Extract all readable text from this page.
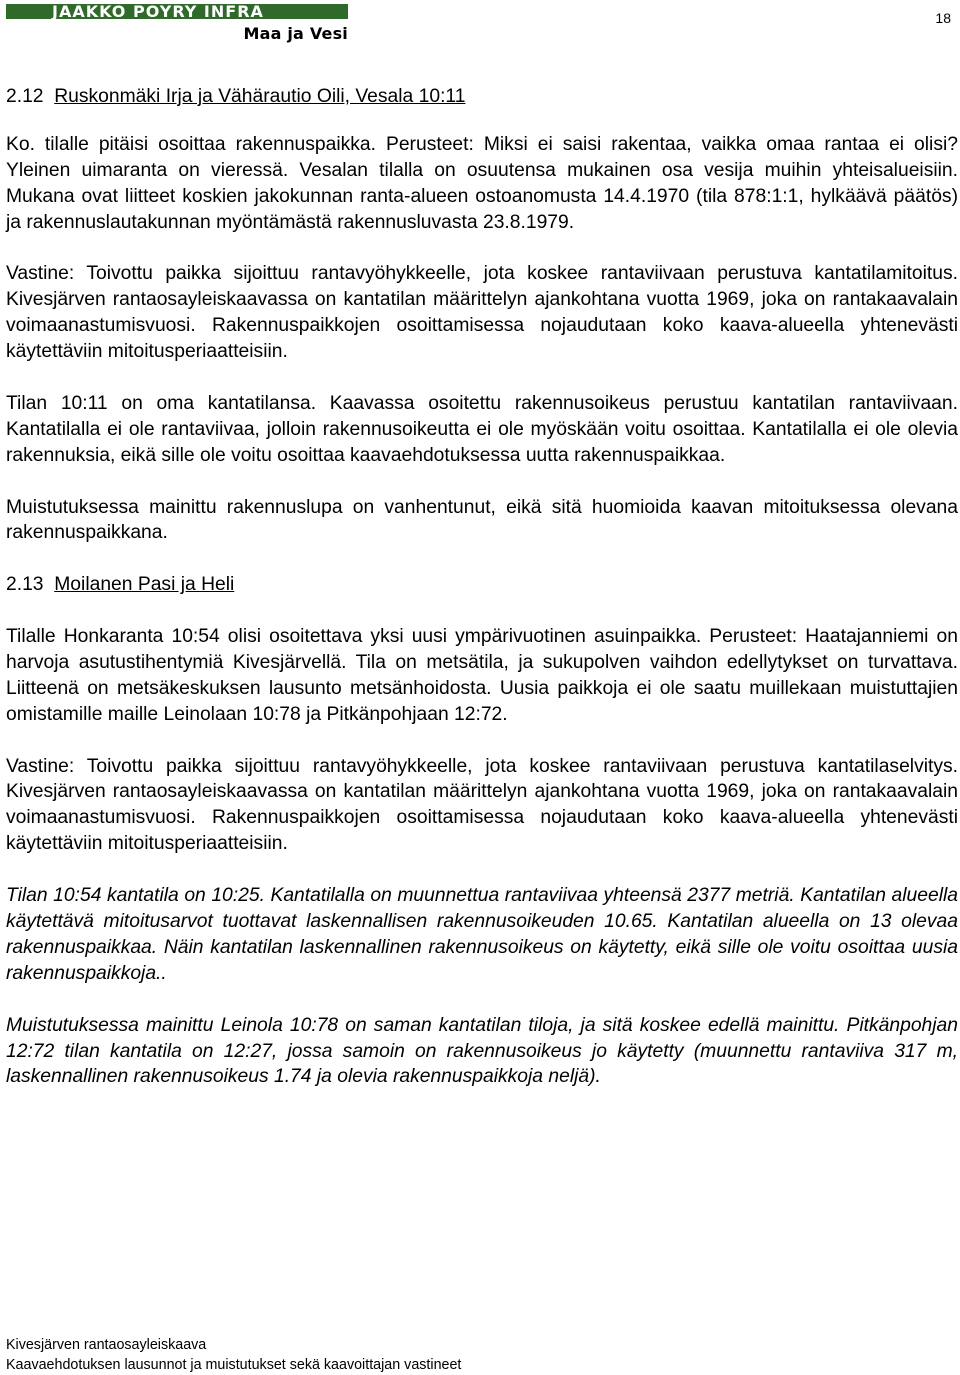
JAAKKO PÖYRY INFRA
Maa ja Vesi
18
2.12 Ruskonmäki Irja ja Vähärautio Oili, Vesala 10:11

Ko. tilalle pitäisi osoittaa rakennuspaikka. Perusteet: Miksi ei saisi rakentaa, vaikka omaa rantaa ei olisi? Yleinen uimaranta on vieressä. Vesalan tilalla on osuutensa mukainen osa vesija muihin yhteisalueisiin. Mukana ovat liitteet koskien jakokunnan ranta-alueen ostoanomusta 14.4.1970 (tila 878:1:1, hylkäävä päätös) ja rakennuslautakunnan myöntämästä rakennusluvasta 23.8.1979.

Vastine: Toivottu paikka sijoittuu rantavyöhykkeelle, jota koskee rantaviivaan perustuva kantatilamitoitus. Kivesjärven rantaosayleiskaavassa on kantatilan määrittelyn ajankohtana vuotta 1969, joka on rantakaavalain voimaanastumisvuosi. Rakennuspaikkojen osoittamisessa nojaudutaan koko kaava-alueella yhtenevästi käytettäviin mitoitusperiaatteisiin.

Tilan 10:11 on oma kantatilansa. Kaavassa osoitettu rakennusoikeus perustuu kantatilan rantaviivaan. Kantatilalla ei ole rantaviivaa, jolloin rakennusoikeutta ei ole myöskään voitu osoittaa. Kantatilalla ei ole olevia rakennuksia, eikä sille ole voitu osoittaa kaavaehdotuksessa uutta rakennuspaikkaa.

Muistutuksessa mainittu rakennuslupa on vanhentunut, eikä sitä huomioida kaavan mitoituksessa olevana rakennuspaikkana.

2.13 Moilanen Pasi ja Heli

Tilalle Honkaranta 10:54 olisi osoitettava yksi uusi ympärivuotinen asuinpaikka. Perusteet: Haatajanniemi on harvoja asutustihentymiä Kivesjärvellä. Tila on metsätila, ja sukupolven vaihdon edellytykset on turvattava. Liitteenä on metsäkeskuksen lausunto metsänhoidosta. Uusia paikkoja ei ole saatu muillekaan muistuttajien omistamille maille Leinolaan 10:78 ja Pitkänpohjaan 12:72.

Vastine: Toivottu paikka sijoittuu rantavyöhykkeelle, jota koskee rantaviivaan perustuva kantatilaselvitys. Kivesjärven rantaosayleiskaavassa on kantatilan määrittelyn ajankohtana vuotta 1969, joka on rantakaavalain voimaanastumisvuosi. Rakennuspaikkojen osoittamisessa nojaudutaan koko kaava-alueella yhtenevästi käytettäviin mitoitusperiaatteisiin.

Tilan 10:54 kantatila on 10:25. Kantatilalla on muunnettua rantaviivaa yhteensä 2377 metriä. Kantatilan alueella käytettävä mitoitusarvot tuottavat laskennallisen rakennusoikeuden 10.65. Kantatilan alueella on 13 olevaa rakennuspaikkaa. Näin kantatilan laskennallinen rakennusoikeus on käytetty, eikä sille ole voitu osoittaa uusia rakennuspaikkoja..

Muistutuksessa mainittu Leinola 10:78 on saman kantatilan tiloja, ja sitä koskee edellä mainittu. Pitkänpohjan 12:72 tilan kantatila on 12:27, jossa samoin on rakennusoikeus jo käytetty (muunnettu rantaviiva 317 m, laskennallinen rakennusoikeus 1.74 ja olevia rakennuspaikkoja neljä).

Kivesjärven rantaosayleiskaava
Kaavaehdotuksen lausunnot ja muistutukset sekä kaavoittajan vastineet
